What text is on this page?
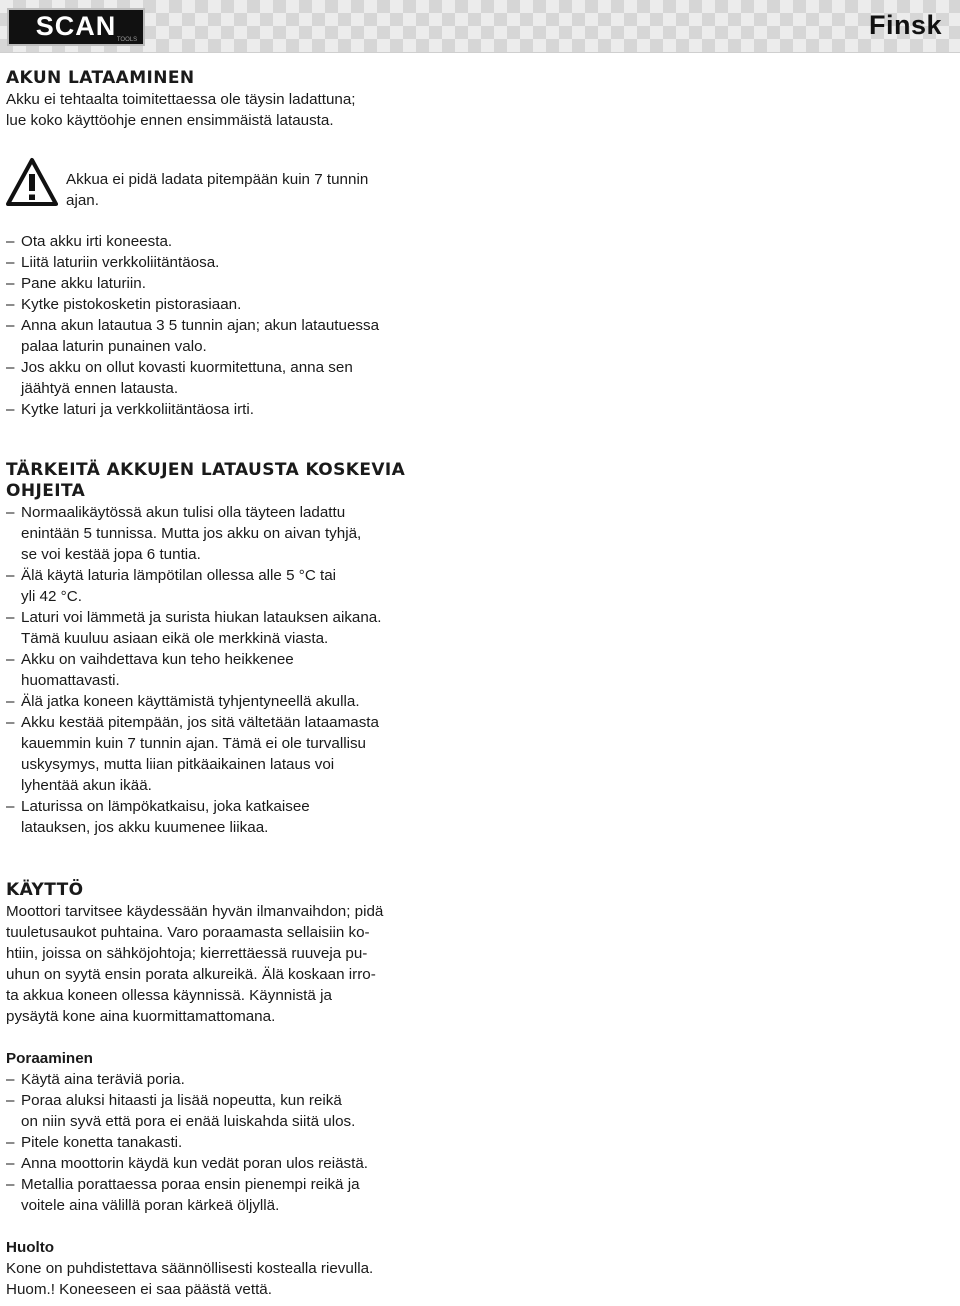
SCAN TOOLS	Finsk
AKUN LATAAMINEN

Akku ei tehtaalta toimitettaessa ole täysin ladattuna;
lue koko käyttöohje ennen ensimmäistä latausta.

Akkua ei pidä ladata pitempään kuin 7 tunnin
ajan.
– Ota akku irti koneesta.
– Liitä laturiin verkkoliitäntäosa.
– Pane akku laturiin.
– Kytke pistokosketin pistorasiaan.
– Anna akun latautua 3 5 tunnin ajan; akun latautuessa
palaa laturin punainen valo.
– Jos akku on ollut kovasti kuormitettuna, anna sen
jäähtyä ennen latausta.
– Kytke laturi ja verkkoliitäntäosa irti.
TÄRKEITÄ AKKUJEN LATAUSTA KOSKEVIA
OHJEITA
– Normaalikäytössä akun tulisi olla täyteen ladattu
enintään 5 tunnissa. Mutta jos akku on aivan tyhjä,
se voi kestää jopa 6 tuntia.
– Älä käytä laturia lämpötilan ollessa alle 5 °C tai
yli 42 °C.
– Laturi voi lämmetä ja surista hiukan latauksen aikana.
Tämä kuuluu asiaan eikä ole merkkinä viasta.
– Akku on vaihdettava kun teho heikkenee
huomattavasti.
– Älä jatka koneen käyttämistä tyhjentyneellä akulla.
– Akku kestää pitempään, jos sitä vältetään lataamasta
kauemmin kuin 7 tunnin ajan. Tämä ei ole turvallisu
uskysymys, mutta liian pitkäaikainen lataus voi
lyhentää akun ikää.
– Laturissa on lämpökatkaisu, joka katkaisee
latauksen, jos akku kuumenee liikaa.
KÄYTTÖ

Moottori tarvitsee käydessään hyvän ilmanvaihdon; pidä
tuuletusaukot puhtaina. Varo poraamasta sellaisiin ko-
htiin, joissa on sähköjohtoja; kierrettäessä ruuveja pu-
uhun on syytä ensin porata alkureikä. Älä koskaan irro-
ta akkua koneen ollessa käynnissä. Käynnistä ja
pysäytä kone aina kuormittamattomana.

Poraaminen
– Käytä aina teräviä poria.
– Poraa aluksi hitaasti ja lisää nopeutta, kun reikä
on niin syvä että pora ei enää luiskahda siitä ulos.
– Pitele konetta tanakasti.
– Anna moottorin käydä kun vedät poran ulos reiästä.
– Metallia porattaessa poraa ensin pienempi reikä ja
voitele aina välillä poran kärkeä öljyllä.
Huolto

Kone on puhdistettava säännöllisesti kostealla rievulla.
Huom.! Koneeseen ei saa päästä vettä.
